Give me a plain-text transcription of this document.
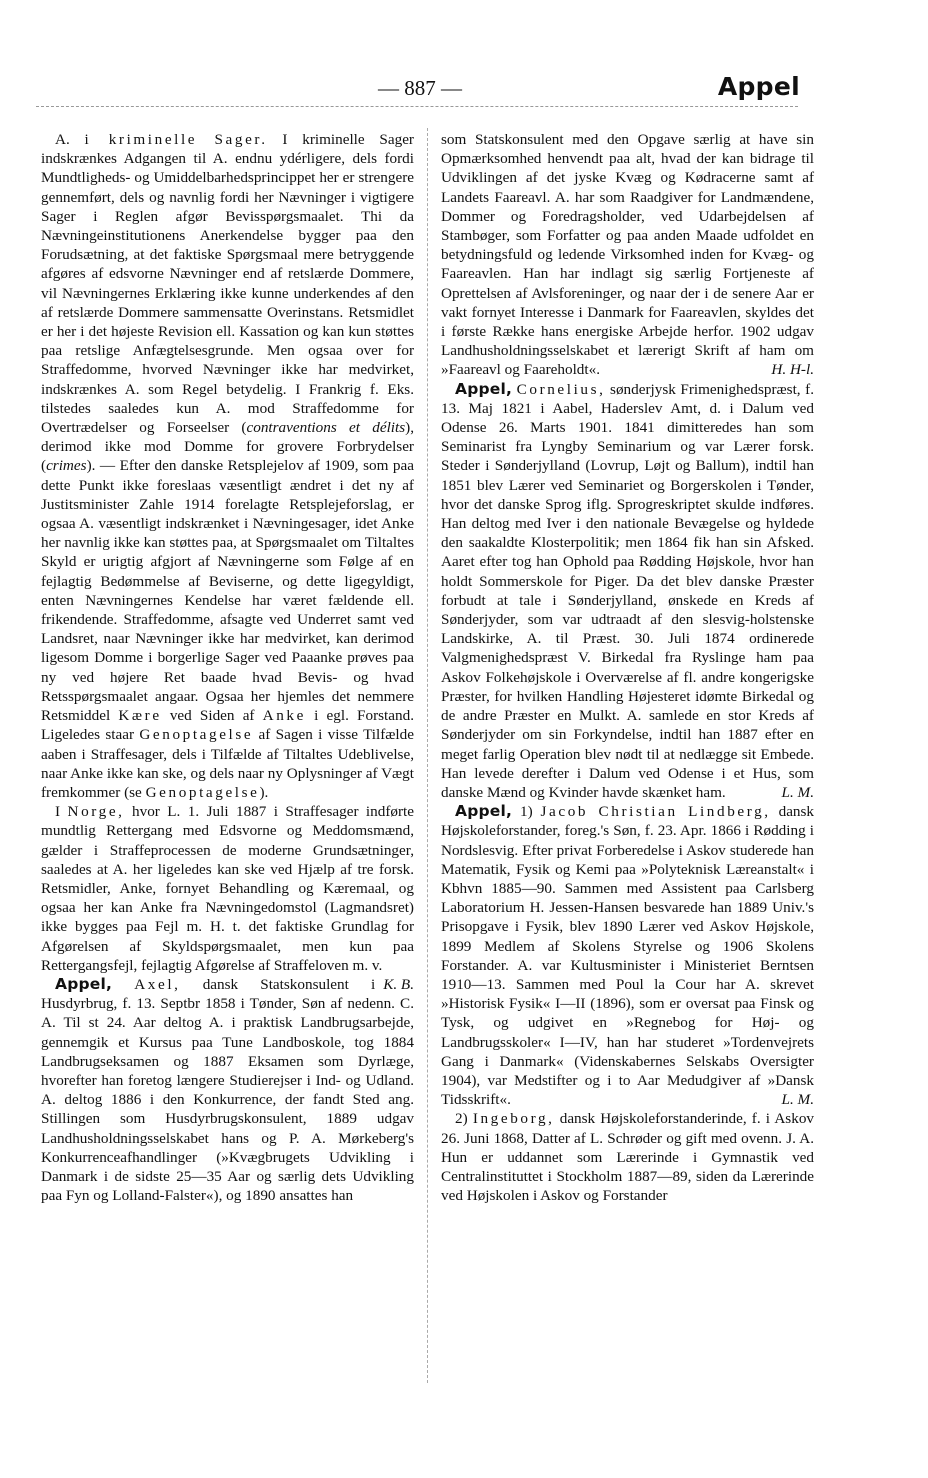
— 887 —	Appel

A. i kriminelle Sager. I kriminelle Sager indskrænkes Adgangen til A. endnu ydérligere, dels fordi Mundtligheds- og Umiddelbarhedsprincippet her er strengere gennemført, dels og navnlig fordi her Nævninger i vigtigere Sager i Reglen afgør Bevisspørgsmaalet. Thi da Nævningeinstitutionens Anerkendelse bygger paa den Forudsætning, at det faktiske Spørgsmaal mere betryggende afgøres af edsvorne Nævninger end af retslærde Dommere, vil Nævningernes Erklæring ikke kunne underkendes af den af retslærde Dommere sammensatte Overinstans. Retsmidlet er her i det højeste Revision ell. Kassation og kan kun støttes paa retslige Anfægtelsesgrunde. Men ogsaa over for Straffedomme, hvorved Nævninger ikke har medvirket, indskrænkes A. som Regel betydelig. I Frankrig f. Eks. tilstedes saaledes kun A. mod Straffedomme for Overtrædelser og Forseelser (contraventions et délits), derimod ikke mod Domme for grovere Forbrydelser (crimes). — Efter den danske Retsplejelov af 1909, som paa dette Punkt ikke foreslaas væsentligt ændret i det ny af Justitsminister Zahle 1914 forelagte Retsplejeforslag, er ogsaa A. væsentligt indskrænket i Nævningesager, idet Anke her navnlig ikke kan støttes paa, at Spørgsmaalet om Tiltaltes Skyld er urigtig afgjort af Nævningerne som Følge af en fejlagtig Bedømmelse af Beviserne, og dette ligegyldigt, enten Nævningernes Kendelse har været fældende ell. frikendende. Straffedomme, afsagte ved Underret samt ved Landsret, naar Nævninger ikke har medvirket, kan derimod ligesom Domme i borgerlige Sager ved Paaanke prøves paa ny ved højere Ret baade hvad Bevis- og hvad Retsspørgsmaalet angaar. Ogsaa her hjemles det nemmere Retsmiddel Kære ved Siden af Anke i egl. Forstand. Ligeledes staar Genoptagelse af Sagen i visse Tilfælde aaben i Straffesager, dels i Tilfælde af Tiltaltes Udeblivelse, naar Anke ikke kan ske, og dels naar ny Oplysninger af Vægt fremkommer (se Genoptagelse).

I Norge, hvor L. 1. Juli 1887 i Straffesager indførte mundtlig Rettergang med Edsvorne og Meddomsmænd, gælder i Straffeprocessen de moderne Grundsætninger, saaledes at A. her ligeledes kan ske ved Hjælp af tre forsk. Retsmidler, Anke, fornyet Behandling og Kæremaal, og ogsaa her kan Anke fra Nævningedomstol (Lagmandsret) ikke bygges paa Fejl m. H. t. det faktiske Grundlag for Afgørelsen af Skyldspørgsmaalet, men kun paa Rettergangsfejl, fejlagtig Afgørelse af Straffeloven m. v.
K. B.

Appel, Axel, dansk Statskonsulent i Husdyrbrug, f. 13. Septbr 1858 i Tønder, Søn af nedenn. C. A. Til st 24. Aar deltog A. i praktisk Landbrugsarbejde, gennemgik et Kursus paa Tune Landboskole, tog 1884 Landbrugseksamen og 1887 Eksamen som Dyrlæge, hvorefter han foretog længere Studierejser i Ind- og Udland. A. deltog 1886 i den Konkurrence, der fandt Sted ang. Stillingen som Husdyrbrugskonsulent, 1889 udgav Landhusholdningsselskabet hans og P. A. Mørkeberg's Konkurrenceafhandlinger (»Kvægbrugets Udvikling i Danmark i de sidste 25—35 Aar og særlig dets Udvikling paa Fyn og Lolland-Falster«), og 1890 ansattes han

som Statskonsulent med den Opgave særlig at have sin Opmærksomhed henvendt paa alt, hvad der kan bidrage til Udviklingen af det jyske Kvæg og Kødracerne samt af Landets Faareavl. A. har som Raadgiver for Landmændene, Dommer og Foredragsholder, ved Udarbejdelsen af Stambøger, som Forfatter og paa anden Maade udfoldet en betydningsfuld og ledende Virksomhed inden for Kvæg- og Faareavlen. Han har indlagt sig særlig Fortjeneste af Oprettelsen af Avlsforeninger, og naar der i de senere Aar er vakt fornyet Interesse i Danmark for Faareavlen, skyldes det i første Række hans energiske Arbejde herfor. 1902 udgav Landhusholdningsselskabet et lærerigt Skrift af ham om »Faareavl og Faareholdt«.	H. H-l.

Appel, Cornelius, sønderjysk Frimenighedspræst, f. 13. Maj 1821 i Aabel, Haderslev Amt, d. i Dalum ved Odense 26. Marts 1901. 1841 dimitteredes han som Seminarist fra Lyngby Seminarium og var Lærer forsk. Steder i Sønderjylland (Lovrup, Løjt og Ballum), indtil han 1851 blev Lærer ved Seminariet og Borgerskolen i Tønder, hvor det danske Sprog iflg. Sprogreskriptet skulde indføres. Han deltog med Iver i den nationale Bevægelse og hyldede den saakaldte Klosterpolitik; men 1864 fik han sin Afsked. Aaret efter tog han Ophold paa Rødding Højskole, hvor han holdt Sommerskole for Piger. Da det blev danske Præster forbudt at tale i Sønderjylland, ønskede en Kreds af Sønderjyder, som var udtraadt af den slesvig-holstenske Landskirke, A. til Præst. 30. Juli 1874 ordinerede Valgmenighedspræst V. Birkedal fra Ryslinge ham paa Askov Folkehøjskole i Overværelse af fl. andre kongerigske Præster, for hvilken Handling Højesteret idømte Birkedal og de andre Præster en Mulkt. A. samlede en stor Kreds af Sønderjyder om sin Forkyndelse, indtil han 1887 efter en meget farlig Operation blev nødt til at nedlægge sit Embede. Han levede derefter i Dalum ved Odense i et Hus, som danske Mænd og Kvinder havde skænket ham.	L. M.

Appel, 1) Jacob Christian Lindberg, dansk Højskoleforstander, foreg.'s Søn, f. 23. Apr. 1866 i Rødding i Nordslesvig. Efter privat Forberedelse i Askov studerede han Matematik, Fysik og Kemi paa »Polyteknisk Læreanstalt« i Kbhvn 1885—90. Sammen med Assistent paa Carlsberg Laboratorium H. Jessen-Hansen besvarede han 1889 Univ.'s Prisopgave i Fysik, blev 1890 Lærer ved Askov Højskole, 1899 Medlem af Skolens Styrelse og 1906 Skolens Forstander. A. var Kultusminister i Ministeriet Berntsen 1910—13. Sammen med Poul la Cour har A. skrevet »Historisk Fysik« I—II (1896), som er oversat paa Finsk og Tysk, og udgivet en »Regnebog for Høj- og Landbrugsskoler« I—IV, han har studeret »Tordenvejrets Gang i Danmark« (Videnskabernes Selskabs Oversigter 1904), var Medstifter og i to Aar Medudgiver af »Dansk Tidsskrift«.	L. M.

2) Ingeborg, dansk Højskoleforstanderinde, f. i Askov 26. Juni 1868, Datter af L. Schrøder og gift med ovenn. J. A. Hun er uddannet som Lærerinde i Gymnastik ved Centralinstituttet i Stockholm 1887—89, siden da Lærerinde ved Højskolen i Askov og Forstander
